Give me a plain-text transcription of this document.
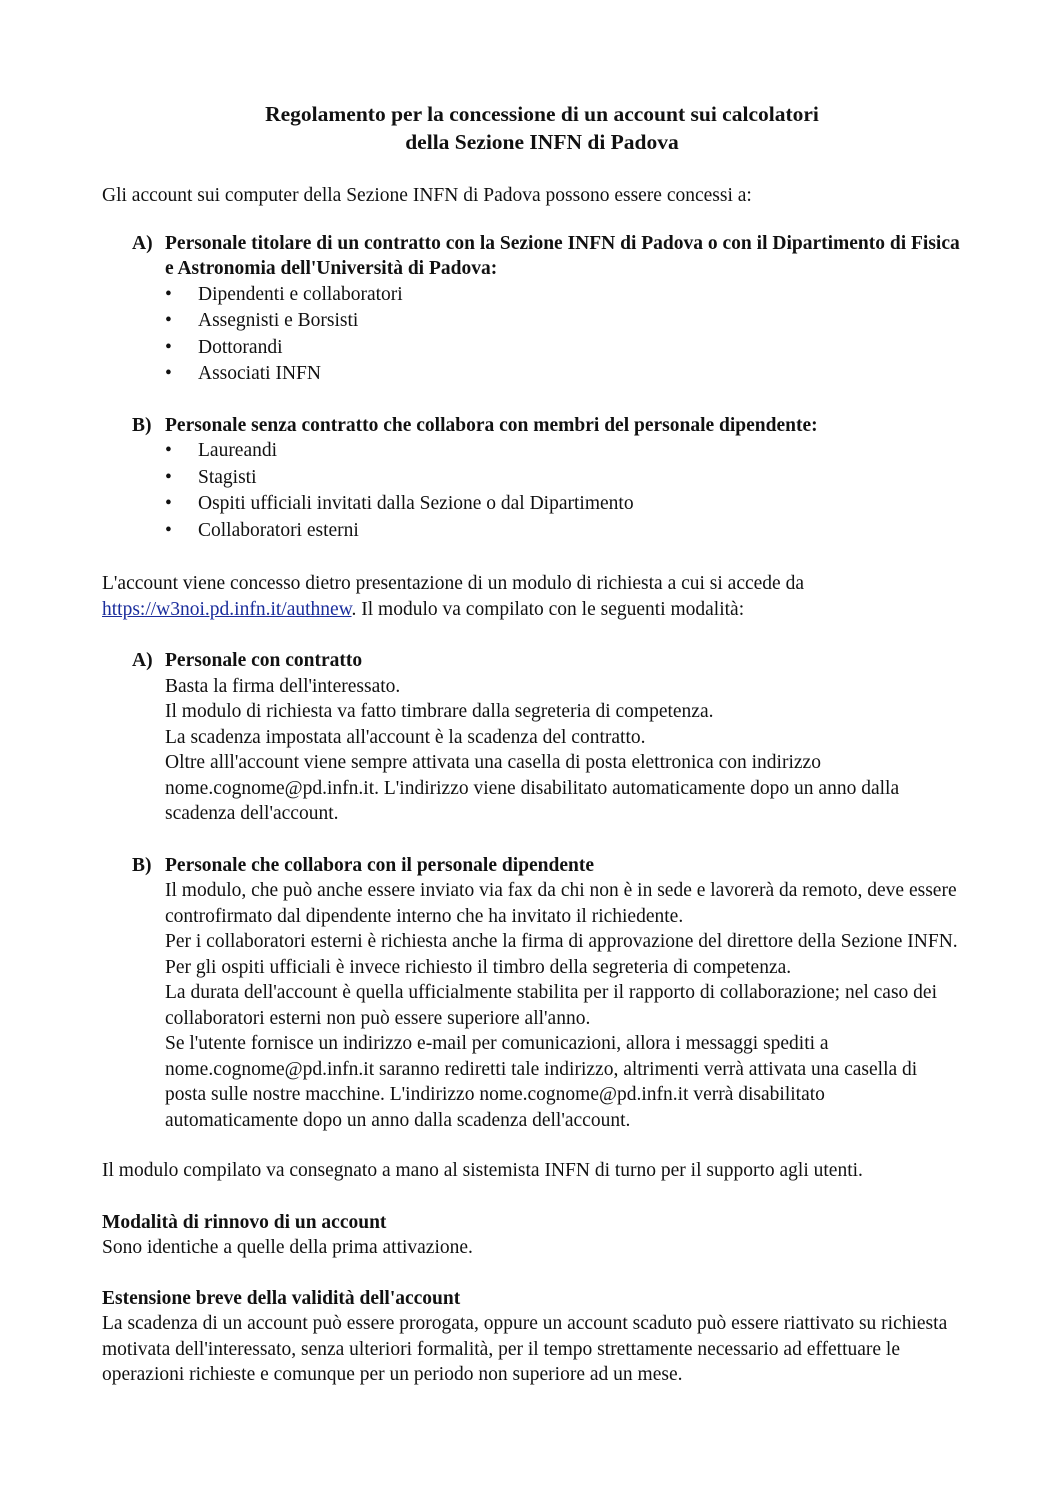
Regolamento per la concessione di un account sui calcolatori
della Sezione INFN di Padova

Gli account sui computer della Sezione INFN di Padova possono essere concessi a:

A) Personale titolare di un contratto con la Sezione INFN di Padova o con il Dipartimento di Fisica e Astronomia dell'Università di Padova:
• Dipendenti e collaboratori
• Assegnisti e Borsisti
• Dottorandi
• Associati INFN
B) Personale senza contratto che collabora con membri del personale dipendente:
• Laureandi
• Stagisti
• Ospiti ufficiali invitati dalla Sezione o dal Dipartimento
• Collaboratori esterni

L'account viene concesso dietro presentazione di un modulo di richiesta a cui si accede da https://w3noi.pd.infn.it/authnew. Il modulo va compilato con le seguenti modalità:

A) Personale con contratto
Basta la firma dell'interessato.
Il modulo di richiesta va fatto timbrare dalla segreteria di competenza.
La scadenza impostata all'account è la scadenza del contratto.
Oltre alll'account viene sempre attivata una casella di posta elettronica con indirizzo nome.cognome@pd.infn.it. L'indirizzo viene disabilitato automaticamente dopo un anno dalla scadenza dell'account.
B) Personale che collabora con il personale dipendente
Il modulo, che può anche essere inviato via fax da chi non è in sede e lavorerà da remoto, deve essere controfirmato dal dipendente interno che ha invitato il richiedente.
Per i collaboratori esterni è richiesta anche la firma di approvazione del direttore della Sezione INFN. Per gli ospiti ufficiali è invece richiesto il timbro della segreteria di competenza.
La durata dell'account è quella ufficialmente stabilita per il rapporto di collaborazione; nel caso dei collaboratori esterni non può essere superiore all'anno.
Se l'utente fornisce un indirizzo e-mail per comunicazioni, allora i messaggi spediti a nome.cognome@pd.infn.it saranno rediretti tale indirizzo, altrimenti verrà attivata una casella di posta sulle nostre macchine. L'indirizzo nome.cognome@pd.infn.it verrà disabilitato automaticamente dopo un anno dalla scadenza dell'account.

Il modulo compilato va consegnato a mano al sistemista INFN di turno per il supporto agli utenti.

Modalità di rinnovo di un account
Sono identiche a quelle della prima attivazione.
Estensione breve della validità dell'account
La scadenza di un account può essere prorogata, oppure un account scaduto può essere riattivato su richiesta motivata dell'interessato, senza ulteriori formalità, per il tempo strettamente necessario ad effettuare le operazioni richieste e comunque per un periodo non superiore ad un mese.
